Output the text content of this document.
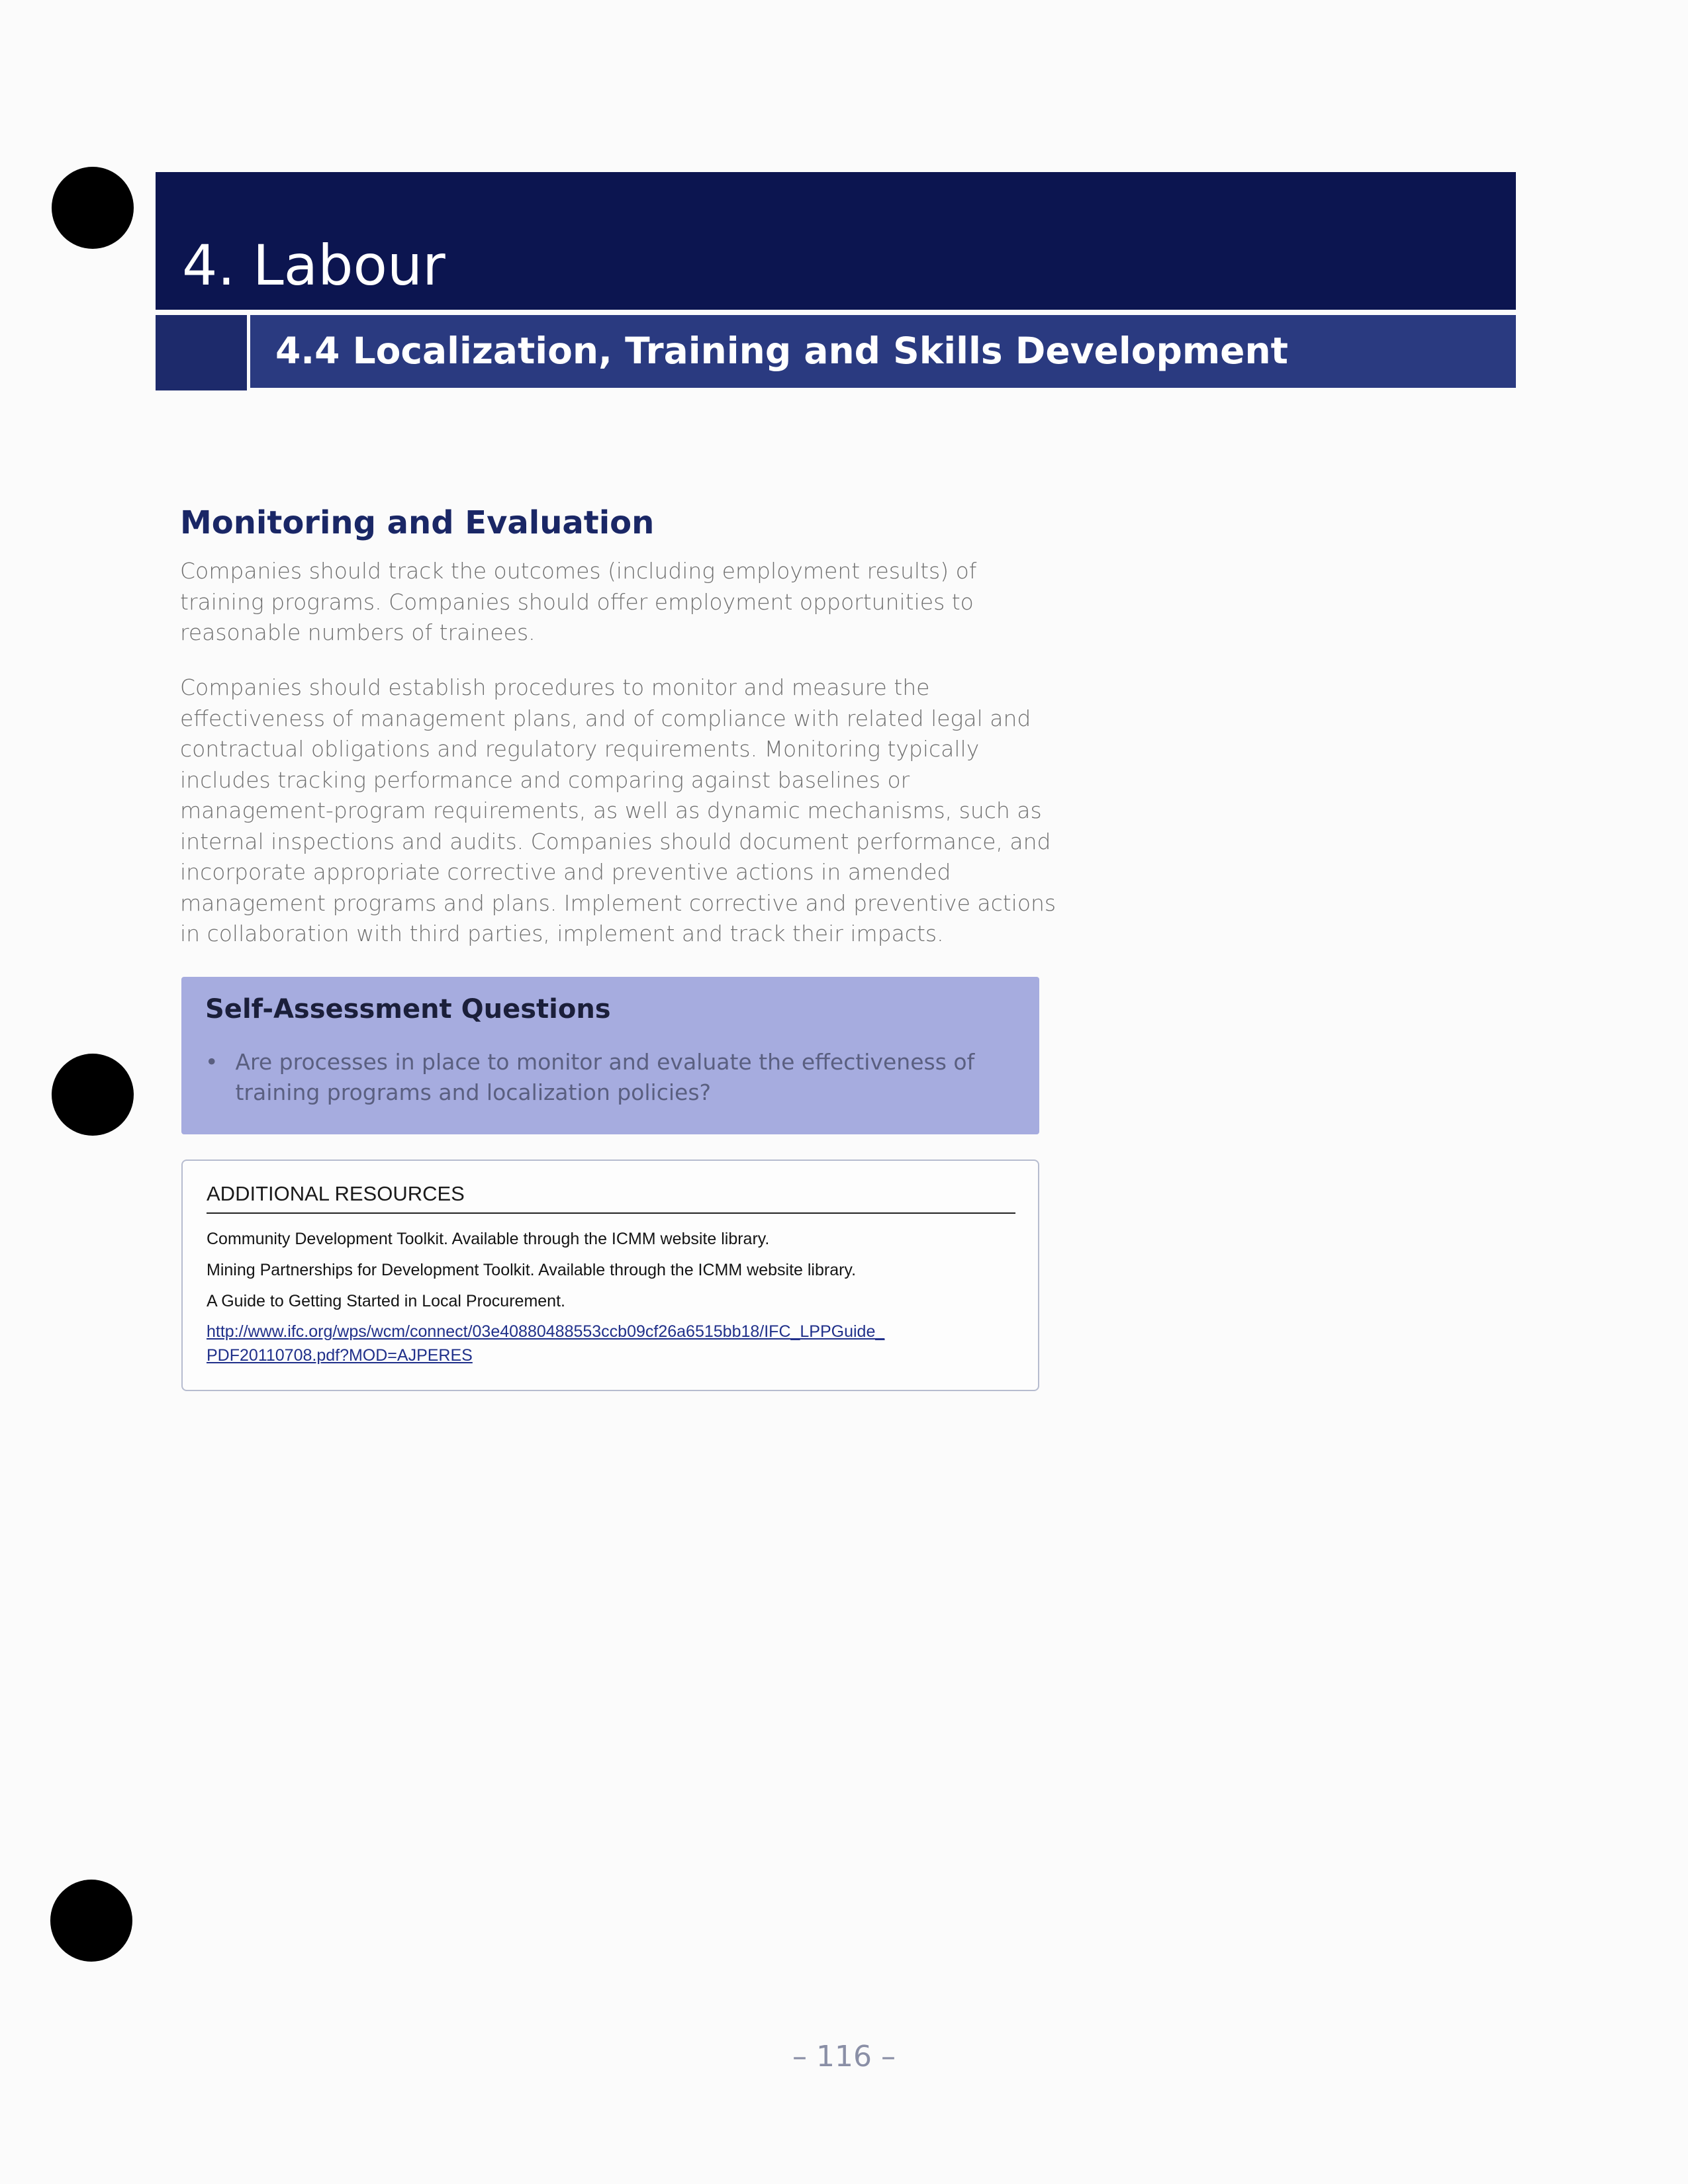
4. Labour
4.4 Localization, Training and Skills Development
Monitoring and Evaluation

Companies should track the outcomes (including employment results) of training programs. Companies should offer employment opportunities to reasonable numbers of trainees.

Companies should establish procedures to monitor and measure the effectiveness of management plans, and of compliance with related legal and contractual obligations and regulatory requirements. Monitoring typically includes tracking performance and comparing against baselines or management-program requirements, as well as dynamic mechanisms, such as internal inspections and audits. Companies should document performance, and incorporate appropriate corrective and preventive actions in amended management programs and plans. Implement corrective and preventive actions in collaboration with third parties, implement and track their impacts.

Self-Assessment Questions
• Are processes in place to monitor and evaluate the effectiveness of training programs and localization policies?
ADDITIONAL RESOURCES
Community Development Toolkit. Available through the ICMM website library.
Mining Partnerships for Development Toolkit. Available through the ICMM website library.
A Guide to Getting Started in Local Procurement.
http://www.ifc.org/wps/wcm/connect/03e40880488553ccb09cf26a6515bb18/IFC_LPPGuide_
PDF20110708.pdf?MOD=AJPERES
– 116 –
